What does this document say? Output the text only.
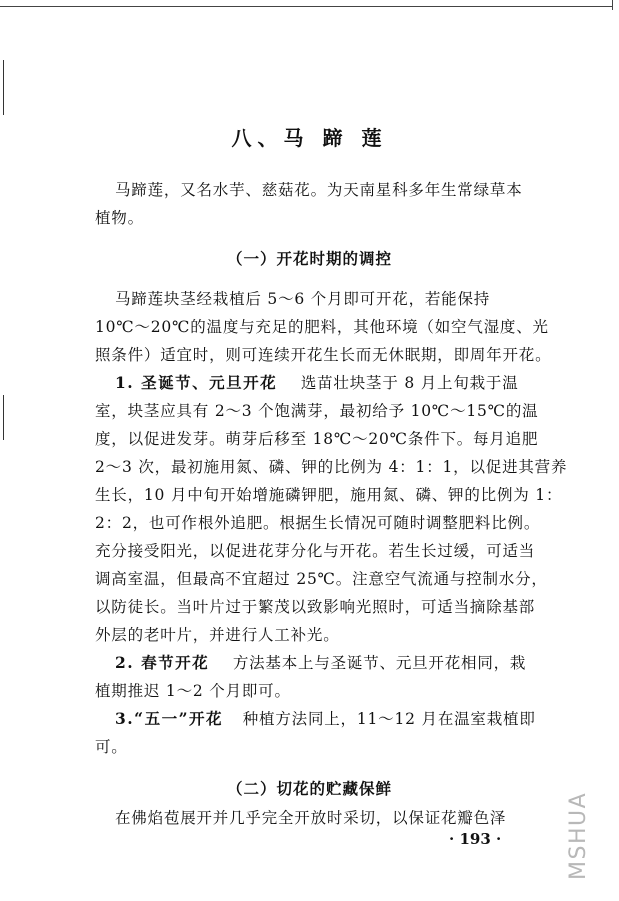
八、马 蹄 莲
马蹄莲，又名水芋、慈菇花。为天南星科多年生常绿草本
植物。
（一）开花时期的调控
马蹄莲块茎经栽植后 5～6 个月即可开花，若能保持
10℃～20℃的温度与充足的肥料，其他环境（如空气湿度、光
照条件）适宜时，则可连续开花生长而无休眠期，即周年开花。
1. 圣诞节、元旦开花 选苗壮块茎于 8 月上旬栽于温
室，块茎应具有 2～3 个饱满芽，最初给予 10℃～15℃的温
度，以促进发芽。萌芽后移至 18℃～20℃条件下。每月追肥
2～3 次，最初施用氮、磷、钾的比例为 4：1：1，以促进其营养
生长，10 月中旬开始增施磷钾肥，施用氮、磷、钾的比例为 1：
2：2，也可作根外追肥。根据生长情况可随时调整肥料比例。
充分接受阳光，以促进花芽分化与开花。若生长过缓，可适当
调高室温，但最高不宜超过 25℃。注意空气流通与控制水分，
以防徒长。当叶片过于繁茂以致影响光照时，可适当摘除基部
外层的老叶片，并进行人工补光。
2. 春节开花 方法基本上与圣诞节、元旦开花相同，栽
植期推迟 1～2 个月即可。
3.“五一”开花 种植方法同上，11～12 月在温室栽植即
可。
（二）切花的贮藏保鲜
在佛焰苞展开并几乎完全开放时采切，以保证花瓣色泽
· 193 ·	MSHUA
